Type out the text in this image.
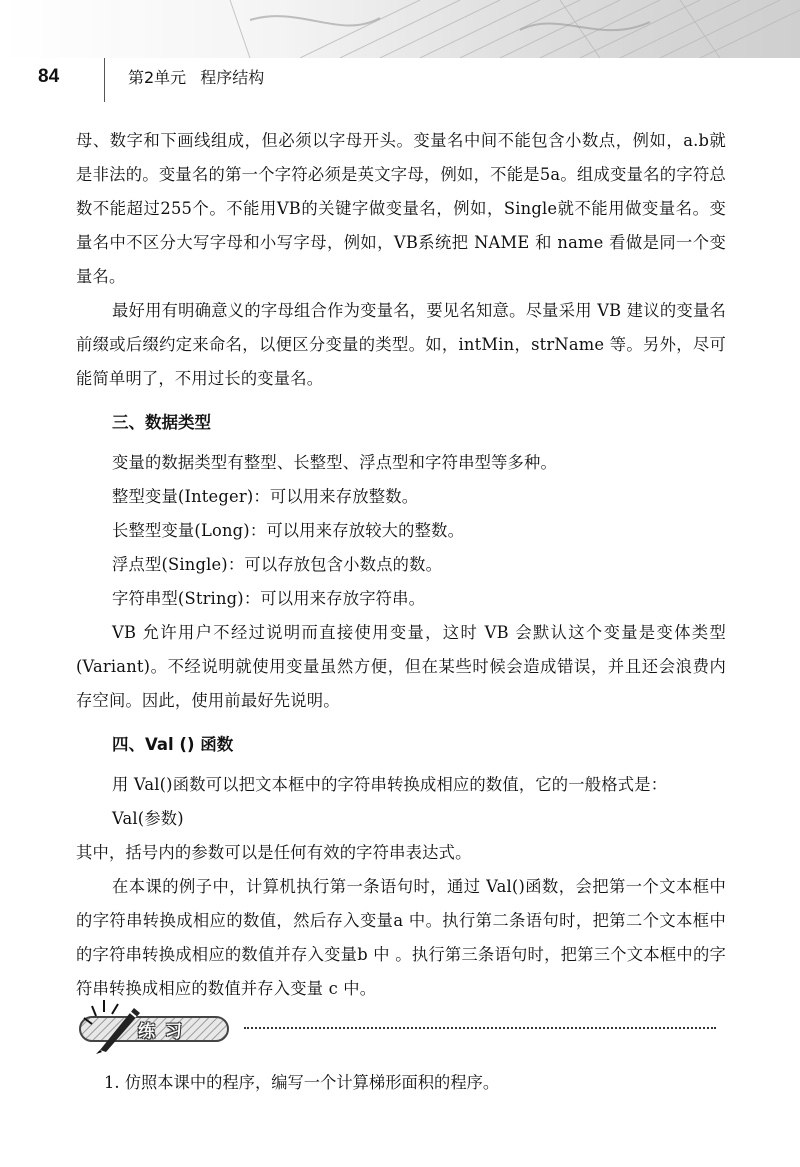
84	第2单元 程序结构

母、数字和下画线组成，但必须以字母开头。变量名中间不能包含小数点，例如，a.b就是非法的。变量名的第一个字符必须是英文字母，例如，不能是5a。组成变量名的字符总数不能超过255个。不能用VB的关键字做变量名，例如，Single就不能用做变量名。变量名中不区分大写字母和小写字母，例如，VB系统把 NAME 和 name 看做是同一个变量名。

最好用有明确意义的字母组合作为变量名，要见名知意。尽量采用 VB 建议的变量名前缀或后缀约定来命名，以便区分变量的类型。如，intMin，strName 等。另外，尽可能简单明了，不用过长的变量名。

三、数据类型

变量的数据类型有整型、长整型、浮点型和字符串型等多种。

整型变量(Integer)：可以用来存放整数。

长整型变量(Long)：可以用来存放较大的整数。

浮点型(Single)：可以存放包含小数点的数。

字符串型(String)：可以用来存放字符串。

VB 允许用户不经过说明而直接使用变量，这时 VB 会默认这个变量是变体类型(Variant)。不经说明就使用变量虽然方便，但在某些时候会造成错误，并且还会浪费内存空间。因此，使用前最好先说明。

四、Val () 函数

用 Val()函数可以把文本框中的字符串转换成相应的数值，它的一般格式是：

Val(参数)

其中，括号内的参数可以是任何有效的字符串表达式。

在本课的例子中，计算机执行第一条语句时，通过 Val()函数，会把第一个文本框中的字符串转换成相应的数值，然后存入变量a 中。执行第二条语句时，把第二个文本框中的字符串转换成相应的数值并存入变量b 中 。执行第三条语句时，把第三个文本框中的字符串转换成相应的数值并存入变量 c 中。

练习
1. 仿照本课中的程序，编写一个计算梯形面积的程序。
